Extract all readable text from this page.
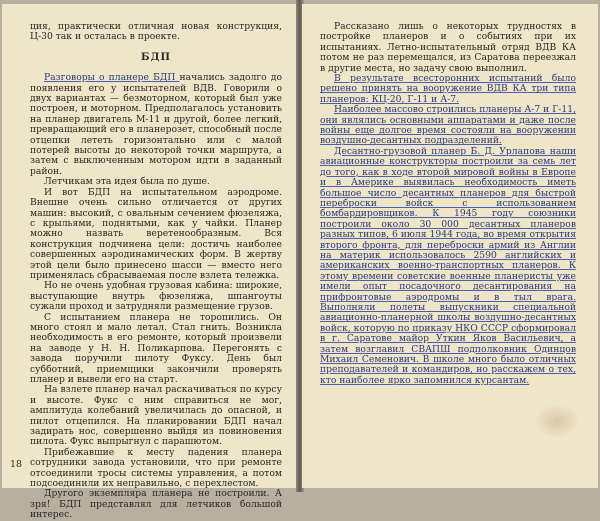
ция, практически отличная новая конструкция, Ц-30 так и осталась в проекте.
БДП
Разговоры о планере БДП начались задолго до появления его у испытателей ВДВ. Говорили о двух вариантах — безмоторном, который был уже построен, и моторном. Предполагалось установить на планер двигатель М-11 и другой, более легкий, превращающий его в планерозет, способный после отцепки лететь горизонтально или с малой потерей высоты до некоторой точки маршрута, а затем с выключенным мотором идти в заданный район.
Летчикам эта идея была по душе.
И вот БДП на испытательном аэродроме. Внешне очень сильно отличается от других машин: высокий, с овальным сечением фюзеляжа, с крыльями, поднятыми, как у чайки. Планер можно назвать веретенообразным. Вся конструкция подчинена цели: достичь наиболее совершенных аэродинамических форм. В жертву этой цели было принесено шасси — вместо него применялась сбрасываемая после взлета тележка.
Но не очень удобная грузовая кабина: широкие, выступающие внутрь фюзеляжа, шпангоуты сужали проход и затрудняли размещение грузов.
С испытанием планера не торопились. Он много стоял и мало летал. Стал гнить. Возникла необходимость в его ремонте, который произвели на заводе у Н. Н. Поликарпова. Перегонять с завода поручили пилоту Фуксу. День был субботний, приемщики закончили проверять планер и вывели его на старт.
На взлете планер начал раскачиваться по курсу и высоте. Фукс с ним справиться не мог, амплитуда колебаний увеличилась до опасной, и пилот отцепился. На планировании БДП начал задирать нос, совершенно выйдя из повиновения пилота. Фукс выпрыгнул с парашютом.
Прибежавшие к месту падения планера сотрудники завода установили, что при ремонте отсоединили тросы системы управления, а потом подсоединили их неправильно, с перехлестом.
Другого экземпляра планера не построили. А зря! БДП представлял для летчиков большой интерес.
18
Рассказано лишь о некоторых трудностях в постройке планеров и о событиях при их испытаниях. Летно-испытательный отряд ВДВ КА потом не раз перемещался, из Саратова переезжал в другие места, но задачу свою выполнил.
В результате всесторонних испытаний было решено принять на вооружение ВДВ КА три типа планеров: КЦ-20, Г-11 и А-7.
Наиболее массово строились планеры А-7 и Г-11, они являлись основными аппаратами и даже после войны еще долгое время состояли на вооружении воздушно-десантных подразделений.
Десантно-грузовой планер Б. Д. Урлапова наши авиационные конструкторы построили за семь лет до того, как в ходе второй мировой войны в Европе и в Америке выявилась необходимость иметь большое число десантных планеров для быстрой переброски войск с использованием бомбардировщиков. К 1945 году союзники построили около 30 000 десантных планеров разных типов, 6 июля 1944 года, во время открытия второго фронта, для переброски армий из Англии на материк использовалось 2590 английских и американских военно-транспортных планеров. К этому времени советские военные планеристы уже имели опыт посадочного десантирования на прифронтовые аэродромы и в тыл врага. Выполняли полеты выпускники специальной авиационно-планерной школы воздушно-десантных войск, которую по приказу НКО СССР сформировал в г. Саратове майор Уткин Яков Васильевич, а затем возглавил СВАПШ подполковник Одинцов Михаил Семенович. В школе много было отличных преподавателей и командиров, но расскажем о тех, кто наиболее ярко запомнился курсантам.
